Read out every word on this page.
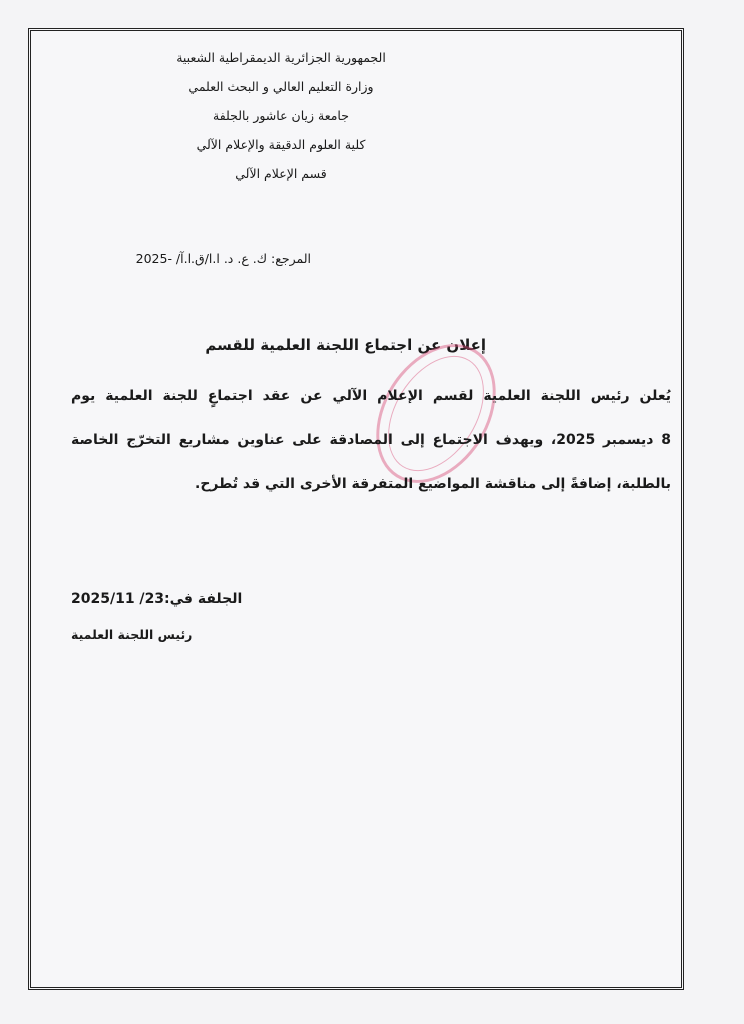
الجمهورية الجزائرية الديمقراطية الشعبية
وزارة التعليم العالي و البحث العلمي
جامعة زيان عاشور بالجلفة
كلية العلوم الدقيقة والإعلام الآلي
قسم الإعلام الآلي
المرجع: ك. ع. د. ا.ا/ق.ا.آ/ -2025
إعلان عن اجتماع اللجنة العلمية للقسم
يُعلن رئيس اللجنة العلمية لقسم الإعلام الآلي عن عقد اجتماعٍ للجنة العلمية يوم
8 ديسمبر 2025، ويهدف الاجتماع إلى المصادقة على عناوين مشاريع التخرّج الخاصة
بالطلبة، إضافةً إلى مناقشة المواضيع المتفرقة الأخرى التي قد تُطرح.
الجلفة في:23/ 2025/11
رئيس اللجنة العلمية
